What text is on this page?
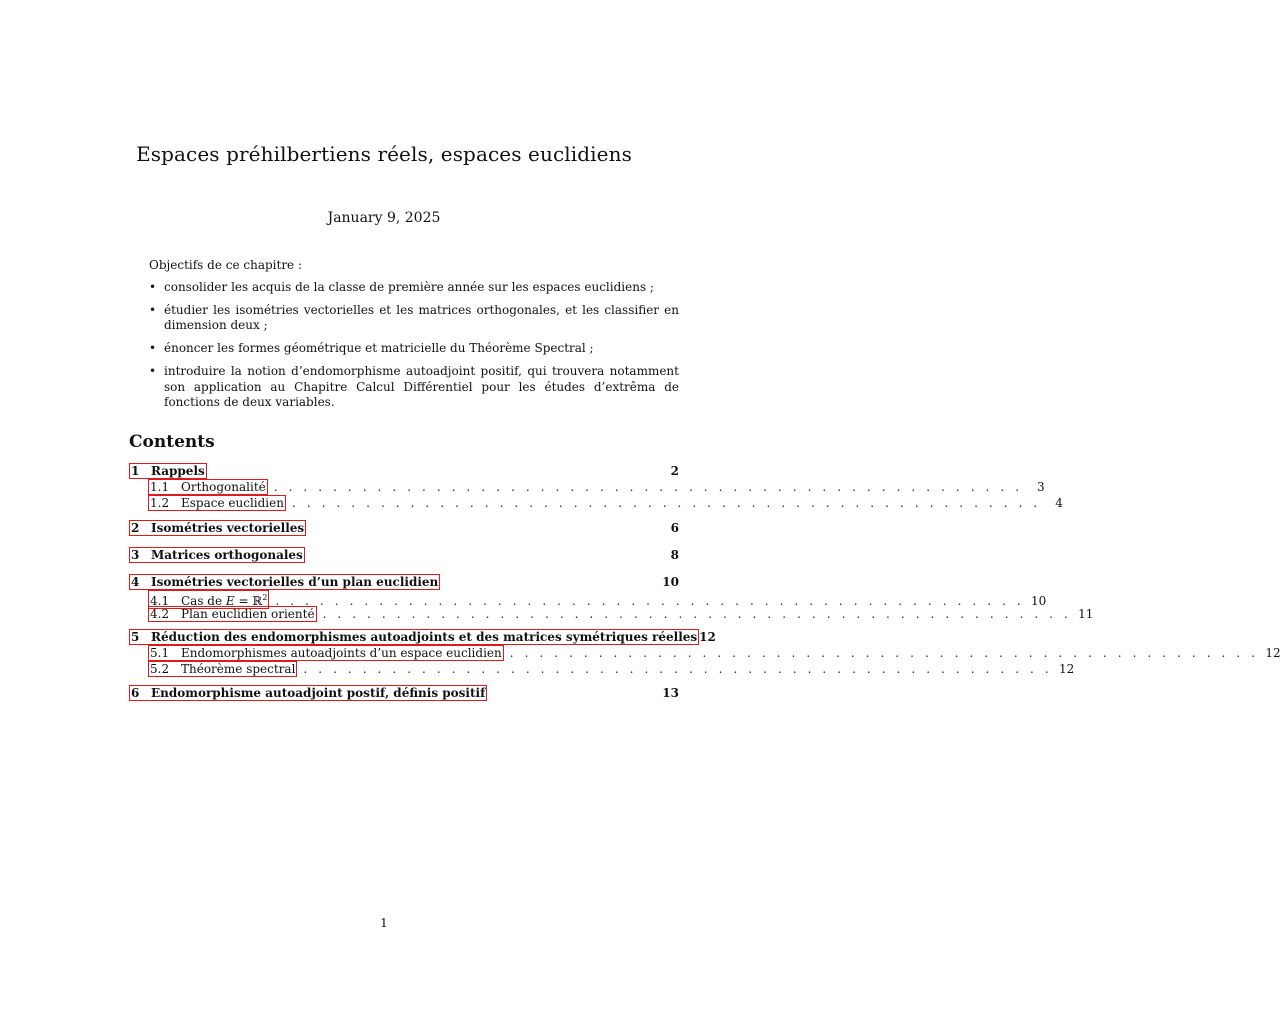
Espaces préhilbertiens réels, espaces euclidiens
January 9, 2025

Objectifs de ce chapitre :

• consolider les acquis de la classe de première année sur les espaces euclidiens ;
• étudier les isométries vectorielles et les matrices orthogonales, et les classifier en dimension deux ;
• énoncer les formes géométrique et matricielle du Théorème Spectral ;
• introduire la notion d’endomorphisme autoadjoint positif, qui trouvera notamment son application au Chapitre Calcul Différentiel pour les études d’extrêma de fonctions de deux variables.
Contents
1 Rappels	2
1.1 Orthogonalité . . . . . . . . . . . . . . . . . . . . . . . . . . . . . . . . . . . . . . . . . . . . . . . . . . .	3
1.2 Espace euclidien . . . . . . . . . . . . . . . . . . . . . . . . . . . . . . . . . . . . . . . . . . . . . . . . . . .	4
2 Isométries vectorielles	6
3 Matrices orthogonales	8
4 Isométries vectorielles d’un plan euclidien	10
4.1 Cas de E = ℝ$^2$ . . . . . . . . . . . . . . . . . . . . . . . . . . . . . . . . . . . . . . . . . . . . . . . . . . . 10
4.2 Plan euclidien orienté . . . . . . . . . . . . . . . . . . . . . . . . . . . . . . . . . . . . . . . . . . . . . . . . . . . 11
5 Réduction des endomorphismes autoadjoints et des matrices symétriques réelles 12
5.1 Endomorphismes autoadjoints d’un espace euclidien . . . . . . . . . . . . . . . . . . . . . . . . . . . . . . . . . . . . . . . . . . . . . . . . . . . 12
5.2 Théorème spectral . . . . . . . . . . . . . . . . . . . . . . . . . . . . . . . . . . . . . . . . . . . . . . . . . . . 12
6 Endomorphisme autoadjoint postif, définis positif	13
1
